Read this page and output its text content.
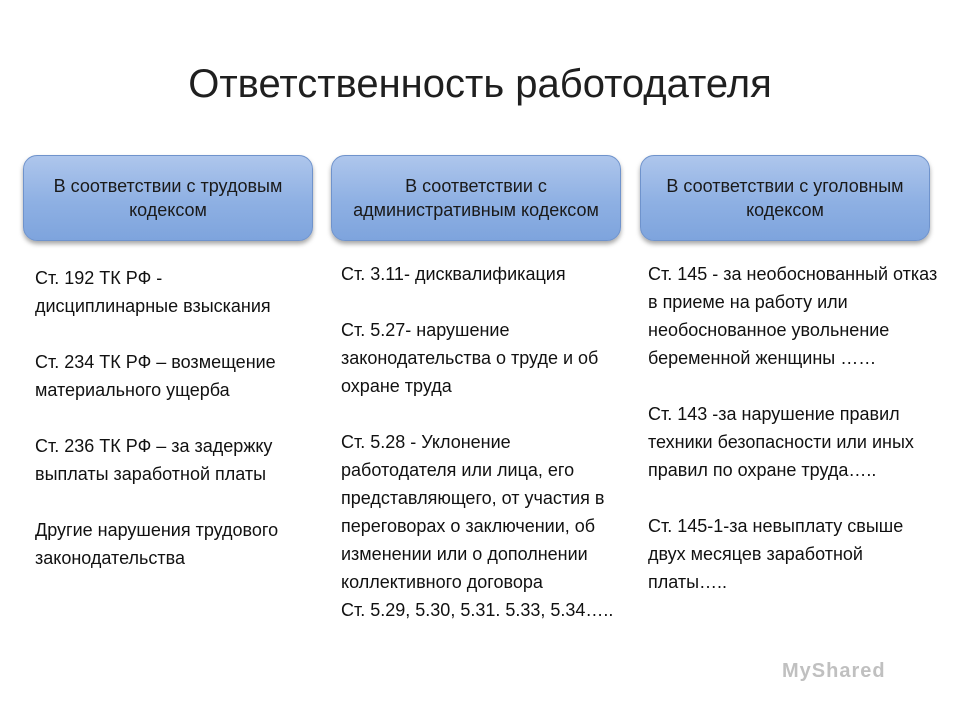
Ответственность работодателя
В соответствии с трудовым кодексом
В соответствии с административным кодексом
В соответствии с уголовным кодексом
Ст. 192 ТК РФ - дисциплинарные взыскания

Ст. 234 ТК РФ – возмещение материального ущерба

Ст. 236 ТК РФ – за задержку выплаты заработной платы

Другие нарушения трудового законодательства
Ст. 3.11- дисквалификация

Ст. 5.27- нарушение законодательства о труде и об охране труда

Ст. 5.28 - Уклонение работодателя или лица, его представляющего, от участия в переговорах о заключении, об изменении или о дополнении коллективного договора
Ст. 5.29, 5.30, 5.31. 5.33, 5.34…..
Ст. 145 - за необоснованный отказ в приеме на работу или необоснованное увольнение беременной женщины ……

Ст. 143 -за нарушение правил техники безопасности или иных правил по охране труда…..

Ст. 145-1-за невыплату свыше двух месяцев заработной платы…..
MyShared
